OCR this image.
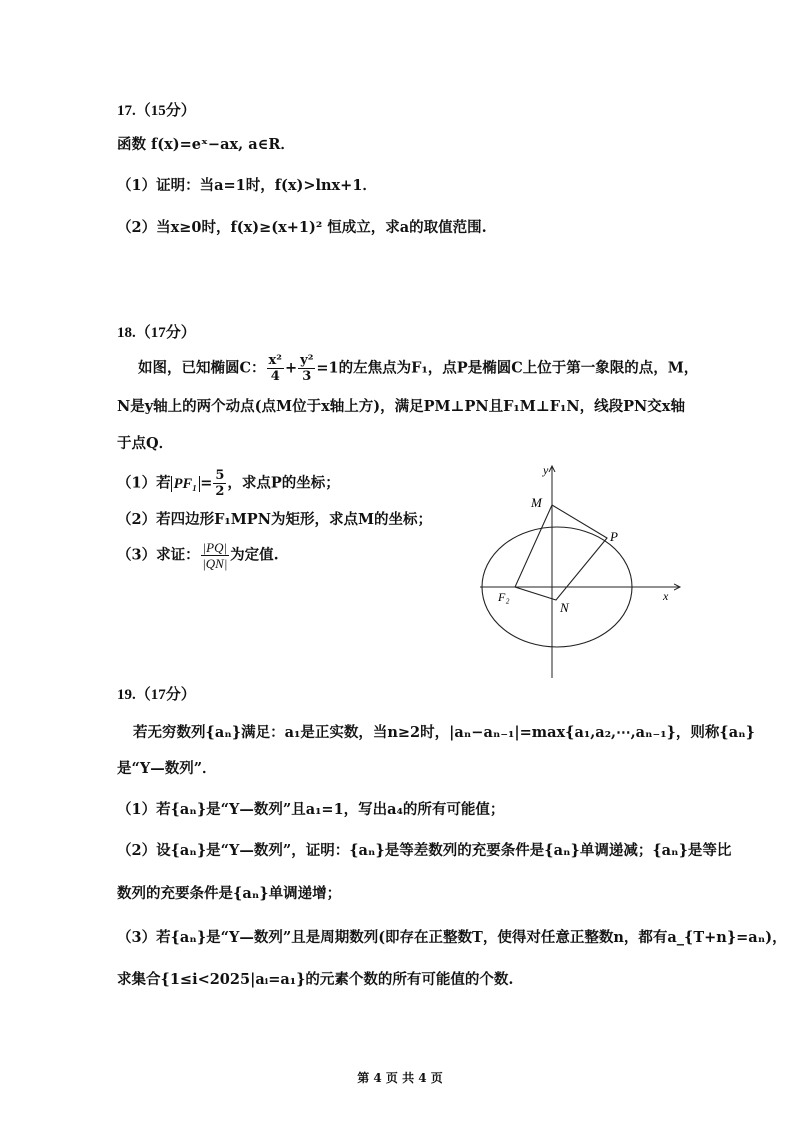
17.（15分）
函数 f(x)=eˣ−ax, a∈R．
（1）证明：当a=1时，f(x)>lnx+1．
（2）当x≥0时，f(x)≥(x+1)² 恒成立，求a的取值范围.
18.（17分）
如图，已知椭圆C： $\frac{\text{x²}}{4} + \frac{\text{y²}}{3} =1$的左焦点为F₁，点P是椭圆C上位于第一象限的点，M，
N是y轴上的两个动点(点M位于x轴上方)，满足PM⊥PN且F₁M⊥F₁N，线段PN交x轴
于点Q．
（1）若 $PF_1 = \frac{5}{2}$ ，求点P的坐标；
（2）若四边形F₁MPN为矩形，求点M的坐标；
（3）求证： $\frac{|PQ|}{|QN|}$ 为定值.
y
x
M
P
F₂
N
19.（17分）
若无穷数列{aₙ}满足：a₁是正实数，当n≥2时，|aₙ−aₙ₋₁|=max{a₁,a₂,⋯,aₙ₋₁}，则称{aₙ}
是“Y—数列”．
（1）若{aₙ}是“Y—数列”且a₁=1，写出a₄的所有可能值；
（2）设{aₙ}是“Y—数列”，证明：{aₙ}是等差数列的充要条件是{aₙ}单调递减；{aₙ}是等比
数列的充要条件是{aₙ}单调递增；
（3）若{aₙ}是“Y—数列”且是周期数列(即存在正整数T，使得对任意正整数n，都有a_{T+n}=aₙ)，
求集合{1≤i<2025|aᵢ=a₁}的元素个数的所有可能值的个数.
第 4 页 共 4 页
